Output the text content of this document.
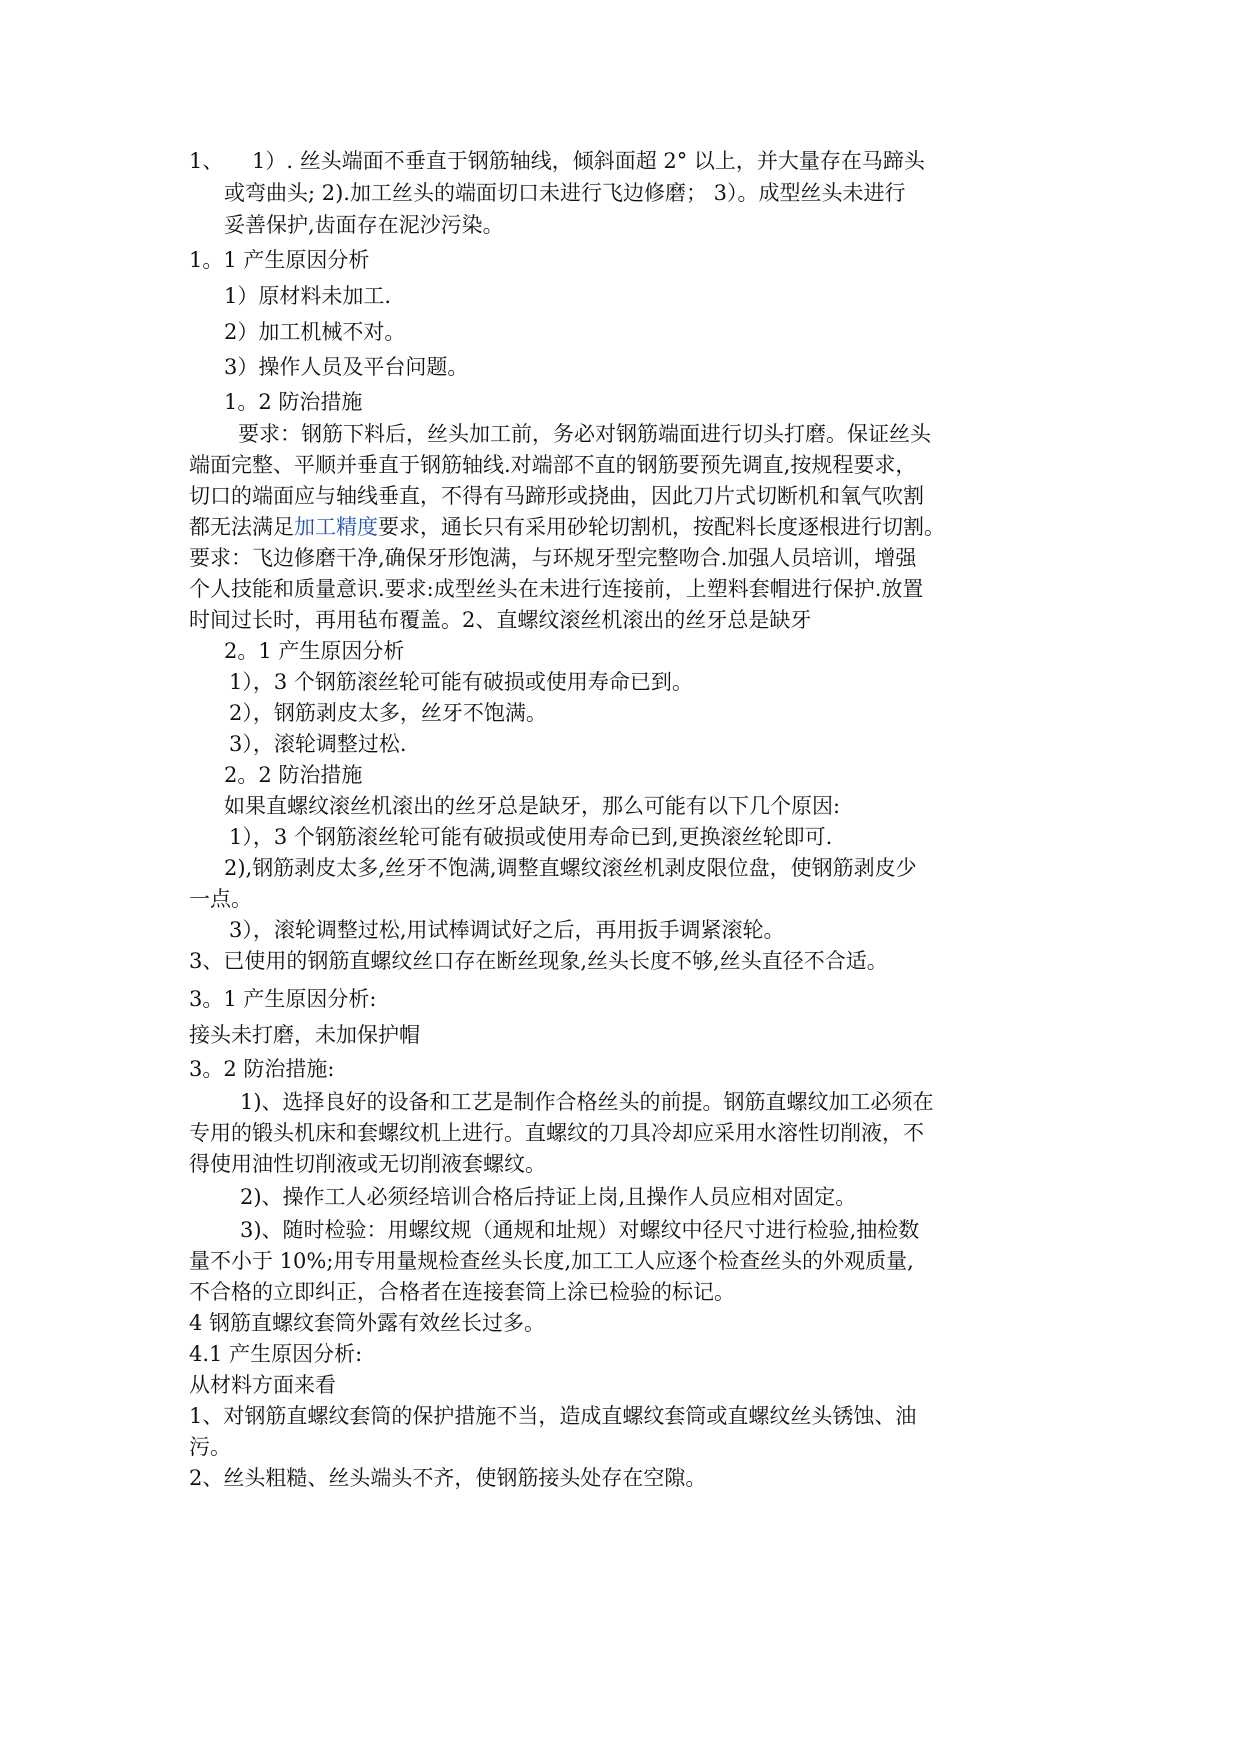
1、 1）. 丝头端面不垂直于钢筋轴线，倾斜面超 2° 以上，并大量存在马蹄头
或弯曲头; 2).加工丝头的端面切口未进行飞边修磨； 3）。成型丝头未进行
妥善保护,齿面存在泥沙污染。
1。1 产生原因分析
1）原材料未加工.
2）加工机械不对。
3）操作人员及平台问题。
1。2 防治措施
要求：钢筋下料后，丝头加工前，务必对钢筋端面进行切头打磨。保证丝头
端面完整、平顺并垂直于钢筋轴线.对端部不直的钢筋要预先调直,按规程要求，
切口的端面应与轴线垂直，不得有马蹄形或挠曲，因此刀片式切断机和氧气吹割
都无法满足加工精度要求，通长只有采用砂轮切割机，按配料长度逐根进行切割。
要求：飞边修磨干净,确保牙形饱满，与环规牙型完整吻合.加强人员培训，增强
个人技能和质量意识.要求:成型丝头在未进行连接前，上塑料套帽进行保护.放置
时间过长时，再用毡布覆盖。2、直螺纹滚丝机滚出的丝牙总是缺牙
2。1 产生原因分析
1），3 个钢筋滚丝轮可能有破损或使用寿命已到。
2），钢筋剥皮太多，丝牙不饱满。
3），滚轮调整过松.
2。2 防治措施
如果直螺纹滚丝机滚出的丝牙总是缺牙，那么可能有以下几个原因:
1），3 个钢筋滚丝轮可能有破损或使用寿命已到,更换滚丝轮即可.
2),钢筋剥皮太多,丝牙不饱满,调整直螺纹滚丝机剥皮限位盘，使钢筋剥皮少
一点。
3），滚轮调整过松,用试棒调试好之后，再用扳手调紧滚轮。
3、已使用的钢筋直螺纹丝口存在断丝现象,丝头长度不够,丝头直径不合适。
3。1 产生原因分析:
接头未打磨，未加保护帽
3。2 防治措施:
1)、选择良好的设备和工艺是制作合格丝头的前提。钢筋直螺纹加工必须在
专用的锻头机床和套螺纹机上进行。直螺纹的刀具冷却应采用水溶性切削液，不
得使用油性切削液或无切削液套螺纹。
2)、操作工人必须经培训合格后持证上岗,且操作人员应相对固定。
3)、随时检验：用螺纹规（通规和址规）对螺纹中径尺寸进行检验,抽检数
量不小于 10%;用专用量规检查丝头长度,加工工人应逐个检查丝头的外观质量,
不合格的立即纠正，合格者在连接套筒上涂已检验的标记。
4 钢筋直螺纹套筒外露有效丝长过多。
4.1 产生原因分析:
从材料方面来看
1、对钢筋直螺纹套筒的保护措施不当，造成直螺纹套筒或直螺纹丝头锈蚀、油
污。
2、丝头粗糙、丝头端头不齐，使钢筋接头处存在空隙。
